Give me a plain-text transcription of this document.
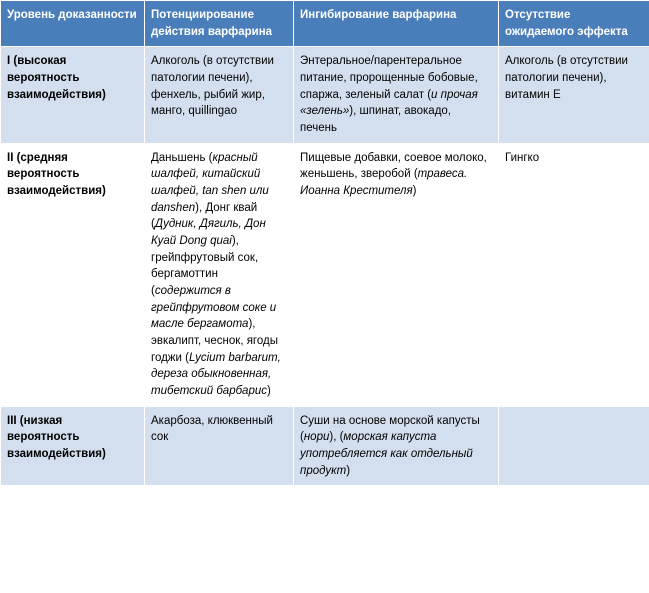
Уровень доказанности	Потенциирование действия варфарина	Ингибирование варфарина	Отсутствие ожидаемого эффекта
I (высокая вероятность взаимодействия)	Алкоголь (в отсутствии патологии печени), фенхель, рыбий жир, манго, quillingao	Энтеральное/парентеральное питание, пророщенные бобовые, спаржа, зеленый салат (и прочая «зелень»), шпинат, авокадо, печень	Алкоголь (в отсутствии патологии печени), витамин Е
II (средняя вероятность взаимодействия)	Даньшень (красный шалфей, китайский шалфей, tan shen или danshen), Донг квай (Дудник, Дягиль, Дон Куай Dong quai), грейпфрутовый сок, бергамоттин (содержится в грейпфрутовом соке и масле бергамота), эвкалипт, чеснок, ягоды годжи (Lycium barbarum, дереза обыкновенная, тибетский барбарис)	Пищевые добавки, соевое молоко, женьшень, зверобой (травеса. Иоанна Крестителя)	Гингко
III (низкая вероятность взаимодействия)	Акарбоза, клюквенный сок	Суши на основе морской капусты (нори), (морская капуста употребляется как отдельный продукт)	
